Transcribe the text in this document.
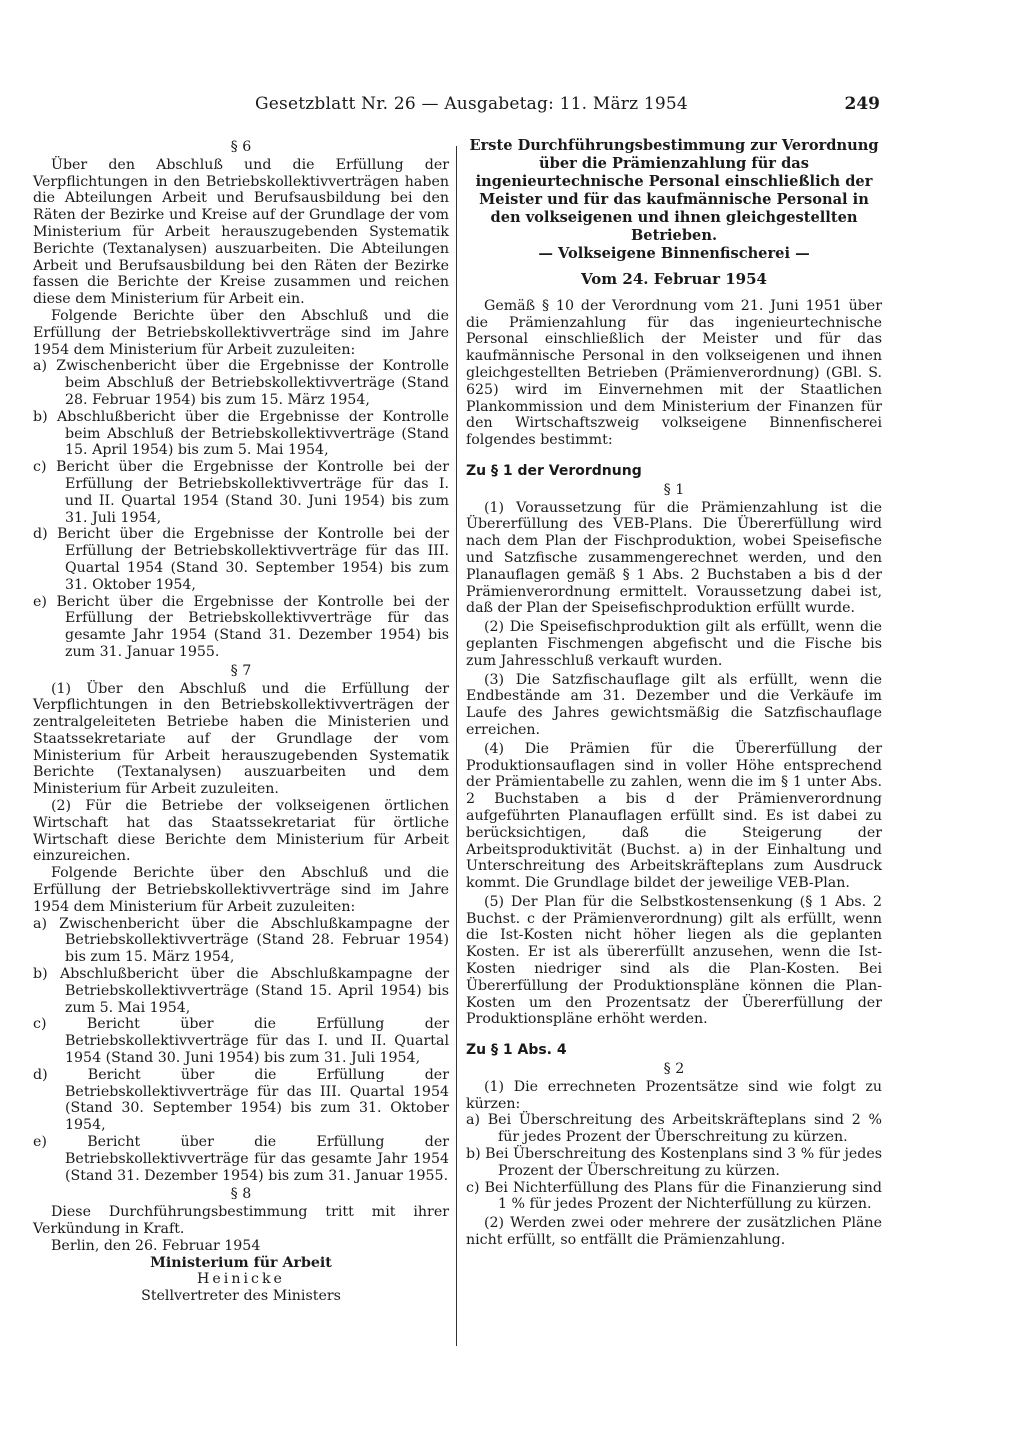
Gesetzblatt Nr. 26 — Ausgabetag: 11. März 1954	249
§ 6

Über den Abschluß und die Erfüllung der Verpflichtungen in den Betriebskollektivverträgen haben die Abteilungen Arbeit und Berufsausbildung bei den Räten der Bezirke und Kreise auf der Grundlage der vom Ministerium für Arbeit herauszugebenden Systematik Berichte (Textanalysen) auszuarbeiten. Die Abteilungen Arbeit und Berufsausbildung bei den Räten der Bezirke fassen die Berichte der Kreise zusammen und reichen diese dem Ministerium für Arbeit ein.

Folgende Berichte über den Abschluß und die Erfüllung der Betriebskollektivverträge sind im Jahre 1954 dem Ministerium für Arbeit zuzuleiten:

a) Zwischenbericht über die Ergebnisse der Kontrolle beim Abschluß der Betriebskollektivverträge (Stand 28. Februar 1954) bis zum 15. März 1954,

b) Abschlußbericht über die Ergebnisse der Kontrolle beim Abschluß der Betriebskollektivverträge (Stand 15. April 1954) bis zum 5. Mai 1954,

c) Bericht über die Ergebnisse der Kontrolle bei der Erfüllung der Betriebskollektivverträge für das I. und II. Quartal 1954 (Stand 30. Juni 1954) bis zum 31. Juli 1954,

d) Bericht über die Ergebnisse der Kontrolle bei der Erfüllung der Betriebskollektivverträge für das III. Quartal 1954 (Stand 30. September 1954) bis zum 31. Oktober 1954,

e) Bericht über die Ergebnisse der Kontrolle bei der Erfüllung der Betriebskollektivverträge für das gesamte Jahr 1954 (Stand 31. Dezember 1954) bis zum 31. Januar 1955.

§ 7

(1) Über den Abschluß und die Erfüllung der Verpflichtungen in den Betriebskollektivverträgen der zentralgeleiteten Betriebe haben die Ministerien und Staatssekretariate auf der Grundlage der vom Ministerium für Arbeit herauszugebenden Systematik Berichte (Textanalysen) auszuarbeiten und dem Ministerium für Arbeit zuzuleiten.

(2) Für die Betriebe der volkseigenen örtlichen Wirtschaft hat das Staatssekretariat für örtliche Wirtschaft diese Berichte dem Ministerium für Arbeit einzureichen.

Folgende Berichte über den Abschluß und die Erfüllung der Betriebskollektivverträge sind im Jahre 1954 dem Ministerium für Arbeit zuzuleiten:

a) Zwischenbericht über die Abschlußkampagne der Betriebskollektivverträge (Stand 28. Februar 1954) bis zum 15. März 1954,

b) Abschlußbericht über die Abschlußkampagne der Betriebskollektivverträge (Stand 15. April 1954) bis zum 5. Mai 1954,

c) Bericht über die Erfüllung der Betriebskollektivverträge für das I. und II. Quartal 1954 (Stand 30. Juni 1954) bis zum 31. Juli 1954,

d) Bericht über die Erfüllung der Betriebskollektivverträge für das III. Quartal 1954 (Stand 30. September 1954) bis zum 31. Oktober 1954,

e) Bericht über die Erfüllung der Betriebskollektivverträge für das gesamte Jahr 1954 (Stand 31. Dezember 1954) bis zum 31. Januar 1955.

§ 8

Diese Durchführungsbestimmung tritt mit ihrer Verkündung in Kraft.

Berlin, den 26. Februar 1954

Ministerium für Arbeit

Heinicke

Stellvertreter des Ministers

Erste Durchführungsbestimmung zur Verordnung über die Prämienzahlung für das ingenieurtechnische Personal einschließlich der Meister und für das kaufmännische Personal in den volkseigenen und ihnen gleichgestellten Betrieben.

— Volkseigene Binnenfischerei —

Vom 24. Februar 1954

Gemäß § 10 der Verordnung vom 21. Juni 1951 über die Prämienzahlung für das ingenieurtechnische Personal einschließlich der Meister und für das kaufmännische Personal in den volkseigenen und ihnen gleichgestellten Betrieben (Prämienverordnung) (GBl. S. 625) wird im Einvernehmen mit der Staatlichen Plankommission und dem Ministerium der Finanzen für den Wirtschaftszweig volkseigene Binnenfischerei folgendes bestimmt:

Zu § 1 der Verordnung
§ 1

(1) Voraussetzung für die Prämienzahlung ist die Übererfüllung des VEB-Plans. Die Übererfüllung wird nach dem Plan der Fischproduktion, wobei Speisefische und Satzfische zusammengerechnet werden, und den Planauflagen gemäß § 1 Abs. 2 Buchstaben a bis d der Prämienverordnung ermittelt. Voraussetzung dabei ist, daß der Plan der Speisefischproduktion erfüllt wurde.

(2) Die Speisefischproduktion gilt als erfüllt, wenn die geplanten Fischmengen abgefischt und die Fische bis zum Jahresschluß verkauft wurden.

(3) Die Satzfischauflage gilt als erfüllt, wenn die Endbestände am 31. Dezember und die Verkäufe im Laufe des Jahres gewichtsmäßig die Satzfischauflage erreichen.

(4) Die Prämien für die Übererfüllung der Produktionsauflagen sind in voller Höhe entsprechend der Prämientabelle zu zahlen, wenn die im § 1 unter Abs. 2 Buchstaben a bis d der Prämienverordnung aufgeführten Planauflagen erfüllt sind. Es ist dabei zu berücksichtigen, daß die Steigerung der Arbeitsproduktivität (Buchst. a) in der Einhaltung und Unterschreitung des Arbeitskräfteplans zum Ausdruck kommt. Die Grundlage bildet der jeweilige VEB-Plan.

(5) Der Plan für die Selbstkostensenkung (§ 1 Abs. 2 Buchst. c der Prämienverordnung) gilt als erfüllt, wenn die Ist-Kosten nicht höher liegen als die geplanten Kosten. Er ist als übererfüllt anzusehen, wenn die Ist-Kosten niedriger sind als die Plan-Kosten. Bei Übererfüllung der Produktionspläne können die Plan-Kosten um den Prozentsatz der Übererfüllung der Produktionspläne erhöht werden.

Zu § 1 Abs. 4
§ 2

(1) Die errechneten Prozentsätze sind wie folgt zu kürzen:

a) Bei Überschreitung des Arbeitskräfteplans sind 2 % für jedes Prozent der Überschreitung zu kürzen.

b) Bei Überschreitung des Kostenplans sind 3 % für jedes Prozent der Überschreitung zu kürzen.

c) Bei Nichterfüllung des Plans für die Finanzierung sind 1 % für jedes Prozent der Nichterfüllung zu kürzen.

(2) Werden zwei oder mehrere der zusätzlichen Pläne nicht erfüllt, so entfällt die Prämienzahlung.
